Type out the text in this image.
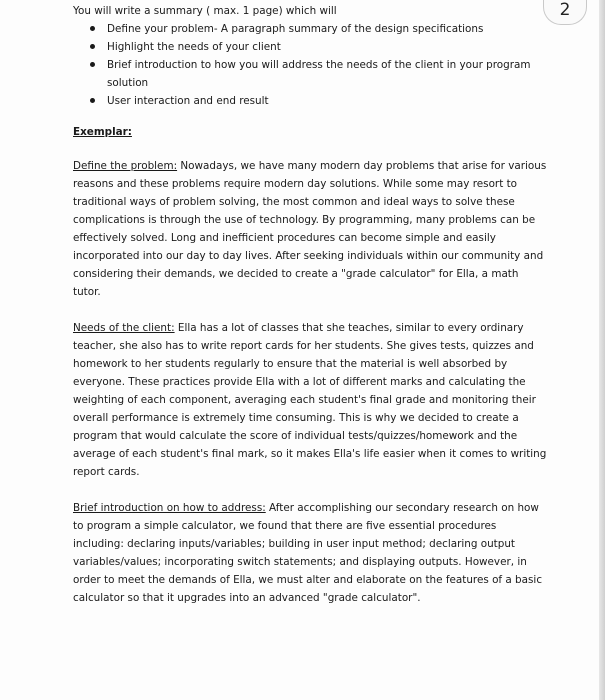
2

You will write a summary ( max. 1 page) which will

Define your problem- A paragraph summary of the design specifications
Highlight the needs of your client
Brief introduction to how you will address the needs of the client in your program solution
User interaction and end result
Exemplar:

Define the problem: Nowadays, we have many modern day problems that arise for various reasons and these problems require modern day solutions. While some may resort to traditional ways of problem solving, the most common and ideal ways to solve these complications is through the use of technology. By programming, many problems can be effectively solved. Long and inefficient procedures can become simple and easily incorporated into our day to day lives. After seeking individuals within our community and considering their demands, we decided to create a "grade calculator" for Ella, a math tutor.

Needs of the client: Ella has a lot of classes that she teaches, similar to every ordinary teacher, she also has to write report cards for her students. She gives tests, quizzes and homework to her students regularly to ensure that the material is well absorbed by everyone. These practices provide Ella with a lot of different marks and calculating the weighting of each component, averaging each student's final grade and monitoring their overall performance is extremely time consuming. This is why we decided to create a program that would calculate the score of individual tests/quizzes/homework and the average of each student's final mark, so it makes Ella's life easier when it comes to writing report cards.

Brief introduction on how to address: After accomplishing our secondary research on how to program a simple calculator, we found that there are five essential procedures including: declaring inputs/variables; building in user input method; declaring output variables/values; incorporating switch statements; and displaying outputs. However, in order to meet the demands of Ella, we must alter and elaborate on the features of a basic calculator so that it upgrades into an advanced "grade calculator".
